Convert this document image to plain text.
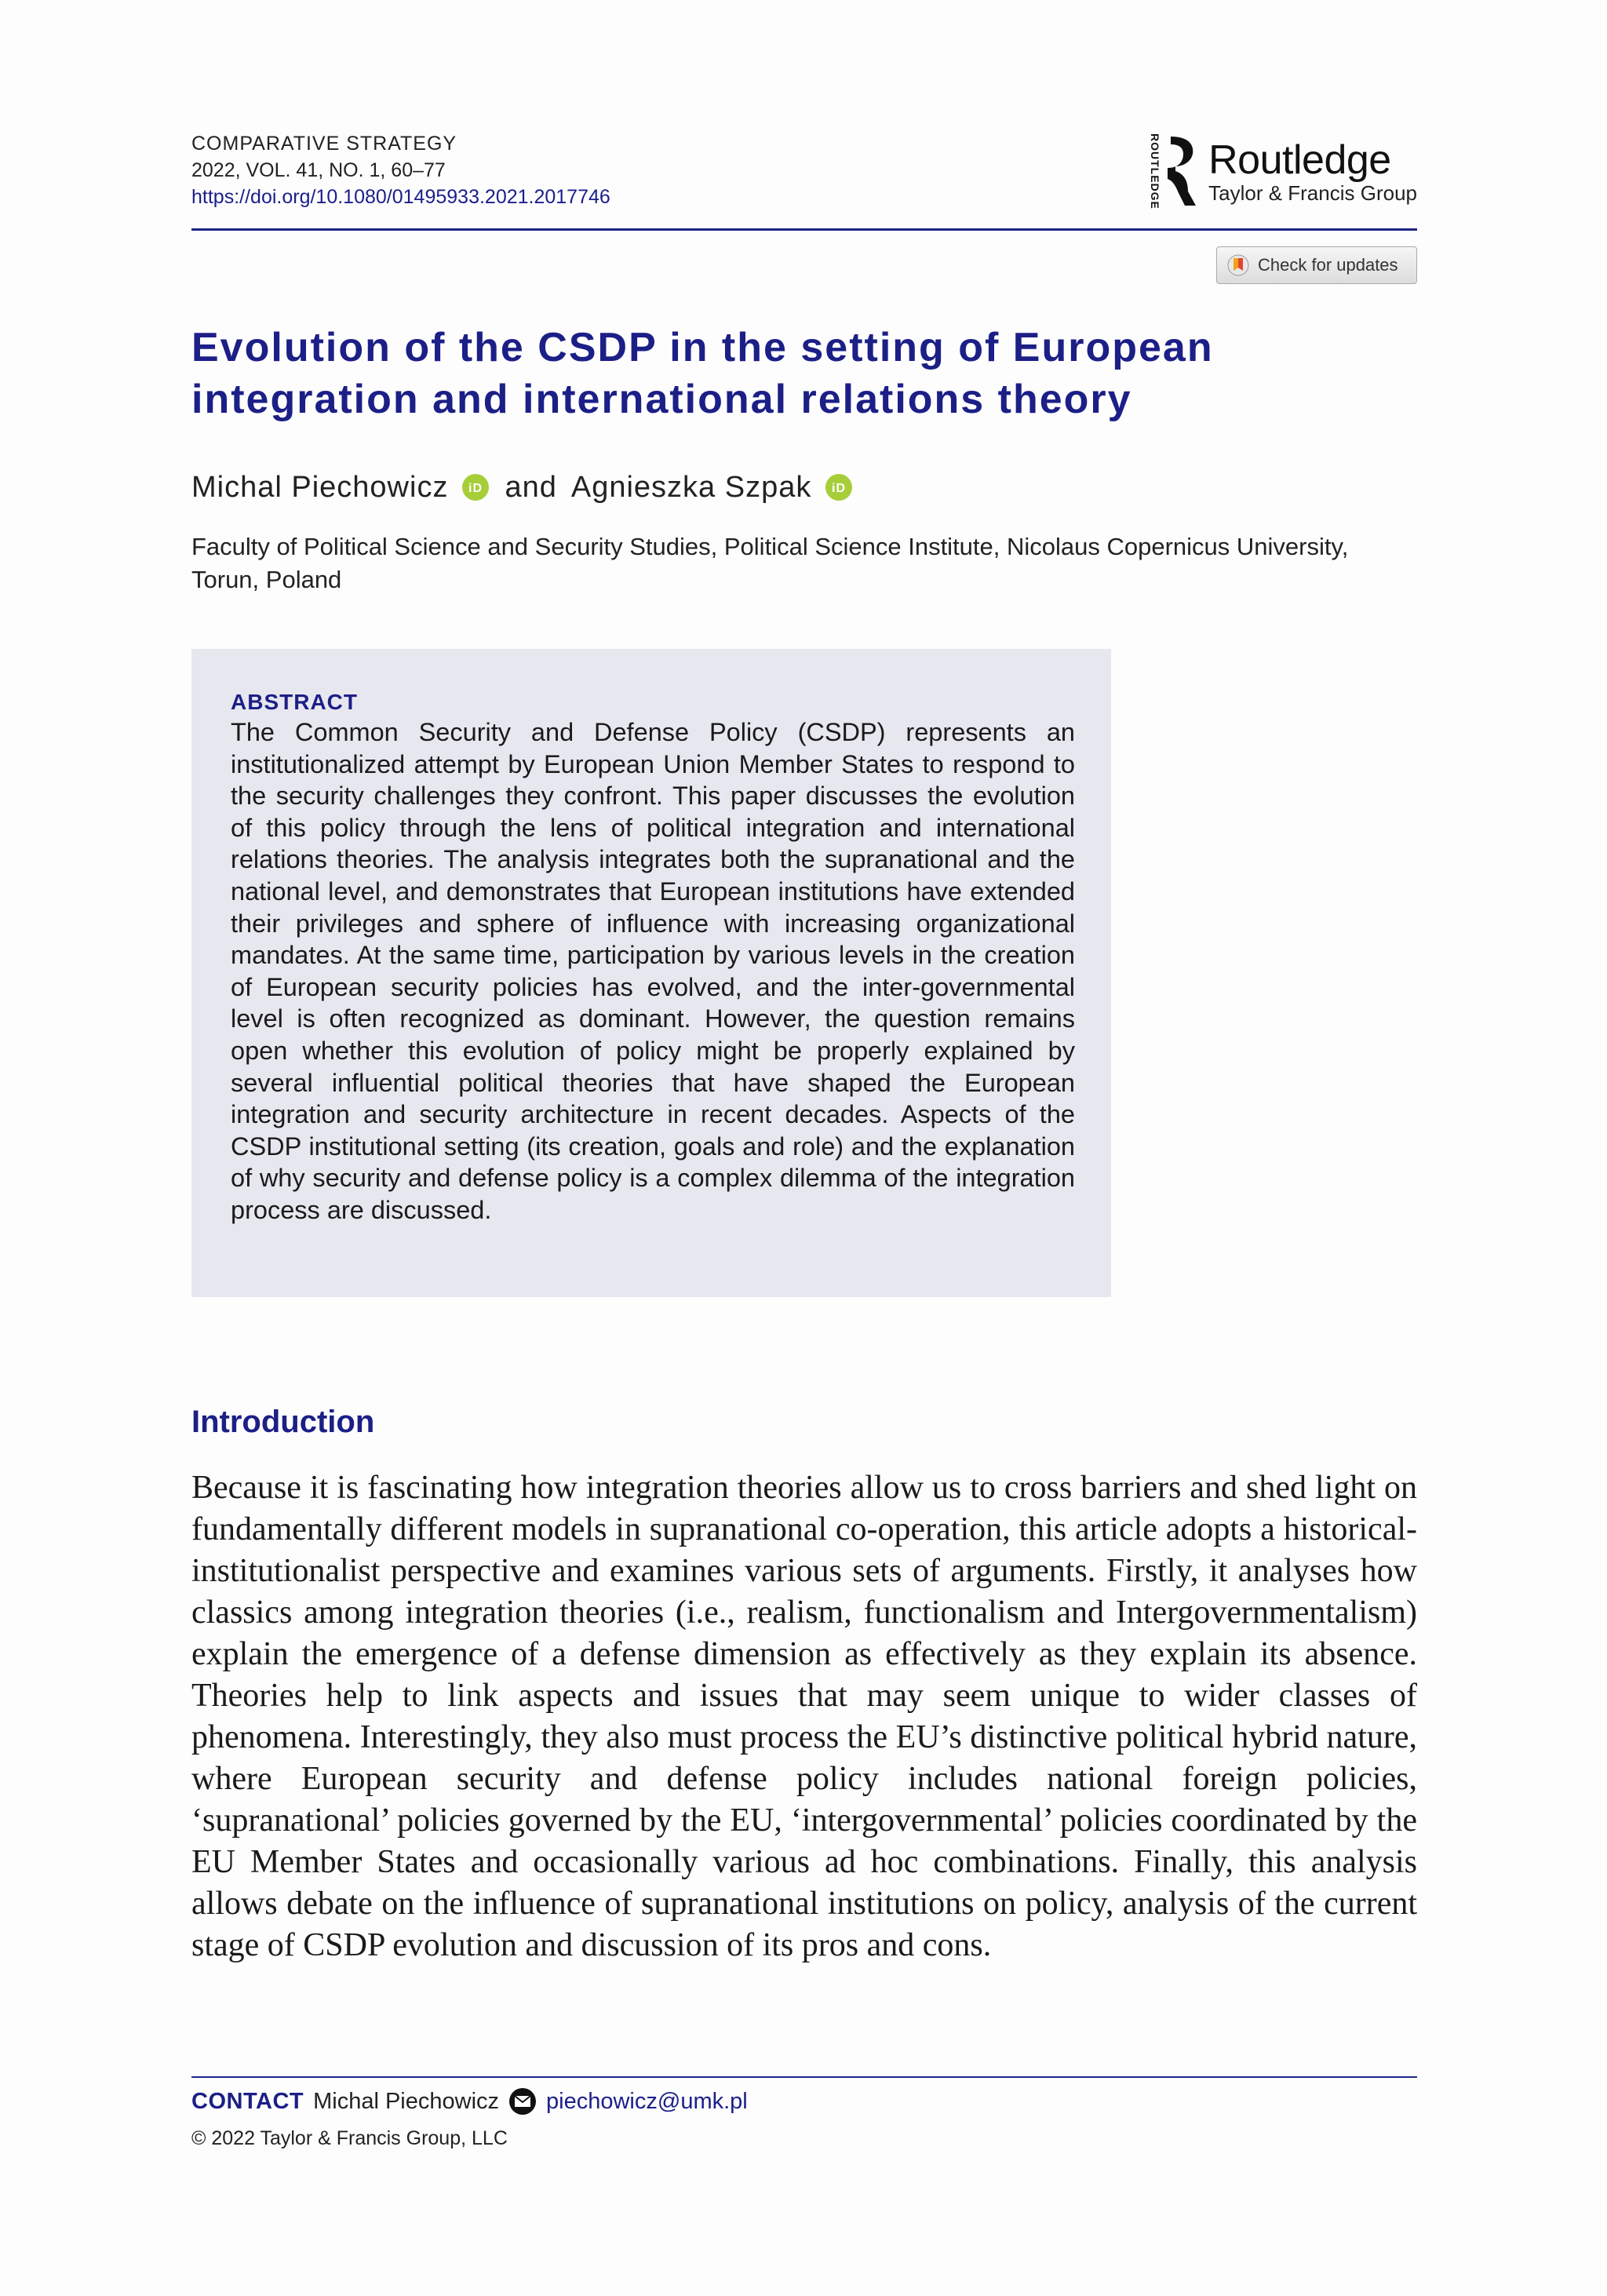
COMPARATIVE STRATEGY
2022, VOL. 41, NO. 1, 60–77
https://doi.org/10.1080/01495933.2021.2017746	ROUTLEDGE Routledge
Taylor & Francis Group
Check for updates
Evolution of the CSDP in the setting of European integration and international relations theory
Michal Piechowicz iD and Agnieszka Szpak iD

Faculty of Political Science and Security Studies, Political Science Institute, Nicolaus Copernicus University, Torun, Poland

ABSTRACT

The Common Security and Defense Policy (CSDP) represents an institutionalized attempt by European Union Member States to respond to the security challenges they confront. This paper discusses the evolution of this policy through the lens of political integration and international relations theories. The analysis integrates both the supranational and the national level, and demonstrates that European institutions have extended their privileges and sphere of influence with increasing organizational mandates. At the same time, participation by various levels in the creation of European security policies has evolved, and the inter-governmental level is often recognized as dominant. However, the question remains open whether this evolution of policy might be properly explained by several influential political theories that have shaped the European integration and security architecture in recent decades. Aspects of the CSDP institutional setting (its creation, goals and role) and the explanation of why security and defense policy is a complex dilemma of the integration process are discussed.

Introduction

Because it is fascinating how integration theories allow us to cross barriers and shed light on fundamentally different models in supranational co-operation, this article adopts a historical-institutionalist perspective and examines various sets of arguments. Firstly, it analyses how classics among integration theories (i.e., realism, functionalism and Intergovernmentalism) explain the emergence of a defense dimension as effectively as they explain its absence. Theories help to link aspects and issues that may seem unique to wider classes of phenomena. Interestingly, they also must process the EU’s distinctive political hybrid nature, where European security and defense policy includes national foreign policies, ‘supranational’ policies governed by the EU, ‘intergovernmental’ policies coordinated by the EU Member States and occasionally various ad hoc combinations. Finally, this analysis allows debate on the influence of supranational institutions on policy, analysis of the current stage of CSDP evolution and discussion of its pros and cons.

CONTACT Michal Piechowicz piechowicz@umk.pl
© 2022 Taylor & Francis Group, LLC
